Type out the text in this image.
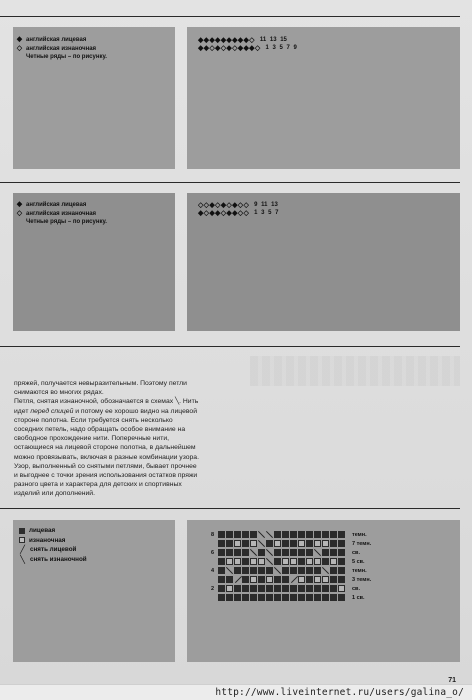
◆ английская лицевая
◇ английская изнаночная
Четные ряды – по рисунку.
◆◆◆◆◆◆◆◆◆◇ 11 13 15
◆◆◇◆◇◆◇◆◆◆◇ 1 3 5 7 9
◆ английская лицевая
◇ английская изнаночная
Четные ряды – по рисунку.
◇◇◆◇◆◇◆◇◇ 9 11 13
◆◇◆◆◇◆◆◇◇ 1 3 5 7

пряжей, получается невыразительным. Поэтому петли

снимаются во многих рядах.

Петля, снятая изнаночной, обозначается в схемах ╲. Нить

идет перед спицей и потому ее хорошо видно на лицевой

стороне полотна. Если требуется снять несколько

соседних петель, надо обращать особое внимание на

свободное прохождение нити. Поперечные нити,

остающиеся на лицевой стороне полотна, в дальнейшем

можно провязывать, включая в разные комбинации узора.

Узор, выполненный со снятыми петлями, бывает прочнее

и выгоднее с точки зрения использования остатков пряжи

разного цвета и характера для детских и спортивных

изделий или дополнений.

лицевая
изнаночная
╱ снять лицевой
╲ снять изнаночной
8	темн.
7 темн.
6	св.
5 св.
4	темн.
3 темн.
2	св.
1 св.
71
http://www.liveinternet.ru/users/galina_o/
